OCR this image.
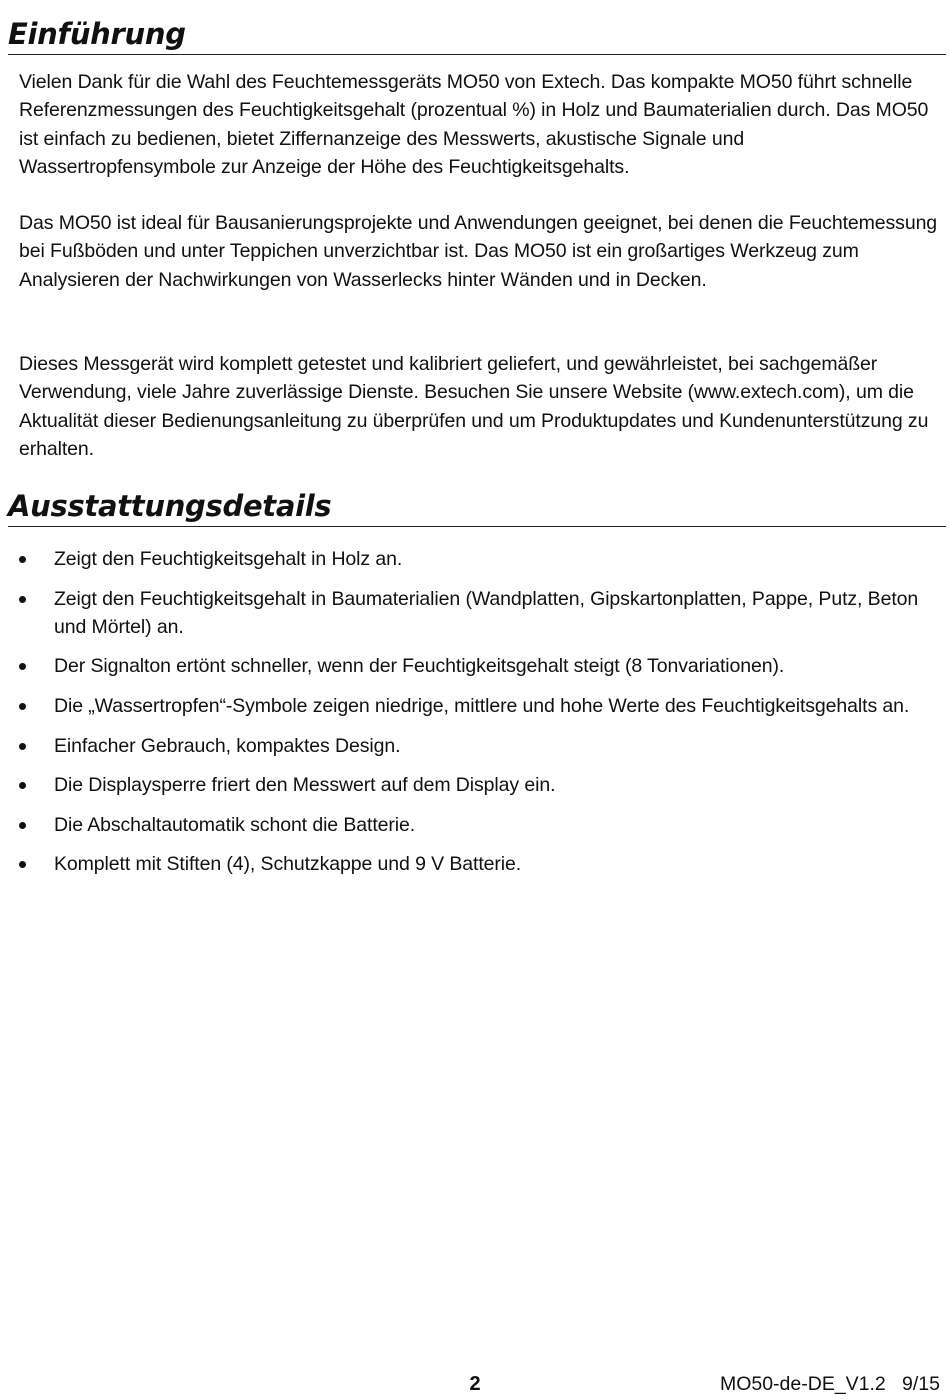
Einführung

Vielen Dank für die Wahl des Feuchtemessgeräts MO50 von Extech. Das kompakte MO50 führt schnelle Referenzmessungen des Feuchtigkeitsgehalt (prozentual %) in Holz und Baumaterialien durch. Das MO50 ist einfach zu bedienen, bietet Ziffernanzeige des Messwerts, akustische Signale und Wassertropfensymbole zur Anzeige der Höhe des Feuchtigkeitsgehalts.

Das MO50 ist ideal für Bausanierungsprojekte und Anwendungen geeignet, bei denen die Feuchtemessung bei Fußböden und unter Teppichen unverzichtbar ist. Das MO50 ist ein großartiges Werkzeug zum Analysieren der Nachwirkungen von Wasserlecks hinter Wänden und in Decken.

Dieses Messgerät wird komplett getestet und kalibriert geliefert, und gewährleistet, bei sachgemäßer Verwendung, viele Jahre zuverlässige Dienste. Besuchen Sie unsere Website (www.extech.com), um die Aktualität dieser Bedienungsanleitung zu überprüfen und um Produktupdates und Kundenunterstützung zu erhalten.

Ausstattungsdetails
Zeigt den Feuchtigkeitsgehalt in Holz an.
Zeigt den Feuchtigkeitsgehalt in Baumaterialien (Wandplatten, Gipskartonplatten, Pappe, Putz, Beton und Mörtel) an.
Der Signalton ertönt schneller, wenn der Feuchtigkeitsgehalt steigt (8 Tonvariationen).
Die „Wassertropfen“-Symbole zeigen niedrige, mittlere und hohe Werte des Feuchtigkeitsgehalts an.
Einfacher Gebrauch, kompaktes Design.
Die Displaysperre friert den Messwert auf dem Display ein.
Die Abschaltautomatik schont die Batterie.
Komplett mit Stiften (4), Schutzkappe und 9 V Batterie.
2	MO50-de-DE_V1.2   9/15
